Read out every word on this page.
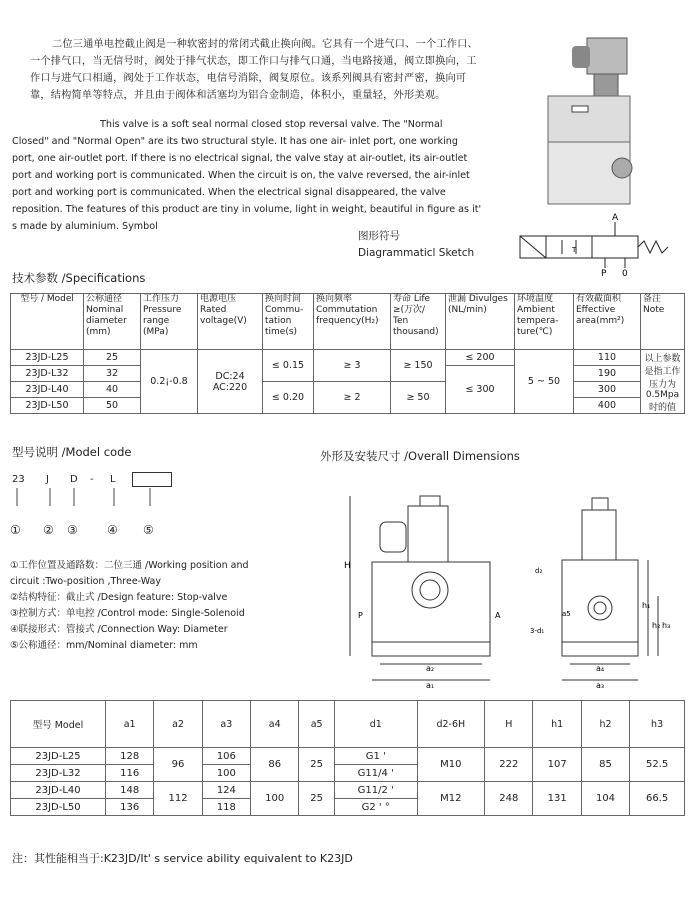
二位三通单电控截止阀是一种软密封的常闭式截止换向阀。它具有一个进气口、一个工作口、一个排气口，当无信号时，阀处于排气状态，即工作口与排气口通，当电路接通，阀立即换向，工作口与进气口相通，阀处于工作状态，电信号消除，阀复原位。该系列阀具有密封严密，换向可靠，结构简单等特点，并且由于阀体和活塞均为铝合金制造，体积小，重量轻，外形美观。
This valve is a soft seal normal closed stop reversal valve. The "Normal Closed" and "Normal Open" are its two structural style. It has one air- inlet port, one working port, one air-outlet port. If there is no electrical signal, the valve stay at air-outlet, its air-outlet port and working port is communicated. When the circuit is on, the valve reversed, the air-inlet port and working port is communicated. When the electrical signal disappeared, the valve reposition. The features of this product are tiny in volume, light in weight, beautiful in figure as it' s made by aluminium. Symbol
图形符号
Diagrammaticl Sketch
A
P 0
T
技术参数 /Specifications
型号 / Model	公称通径 Nominal diameter (mm)	工作压力 Pressure range (MPa)	电源电压 Rated voltage(V)	换向时间 Commu- tation time(s)	换向频率 Commutation frequency(H₂)	寿命 Life ≥(万次/ Ten thousand)	泄漏 Divulges (NL/min)	环境温度 Ambient tempera- ture(℃)	有效截面积 Effective area(mm²)	备注 Note
23JD-L25	25	0.2¡-0.8	DC:24 AC:220	≤ 0.15	≥ 3	≥ 150	≤ 200	5 ~ 50	110	以上参数是指工作压力为 0.5Mpa 时的值
23JD-L32	32						≤ 300		190	
23JD-L40	40			≤ 0.20	≥ 2	≥ 50			300	
23JD-L50	50								400	
型号说明 /Model code
23 J D - L
① ② ③ ④ ⑤
①工作位置及通路数：二位三通 /Working position and
circuit :Two-position ,Three-Way
②结构特征：截止式 /Design feature: Stop-valve
③控制方式：单电控 /Control mode: Single-Solenoid
④联接形式：管接式 /Connection Way: Diameter
⑤公称通径：mm/Nominal diameter: mm
外形及安装尺寸 /Overall Dimensions
H
P	A
a₂
a₁
a₄
a₃
h₂
h₁
h₃
d₂
a5
3-d₁
型号 Model	a1	a2	a3	a4	a5	d1	d2-6H	H	h1	h2	h3
23JD-L25	128	96	106	86	25	G1 '	M10	222	107	85	52.5
23JD-L32	116		100			G11/4 '					
23JD-L40	148	112	124	100	25	G11/2 '	M12	248	131	104	66.5
23JD-L50	136		118			G2 ' °					
注：其性能相当于:K23JD/It' s service ability equivalent to K23JD
